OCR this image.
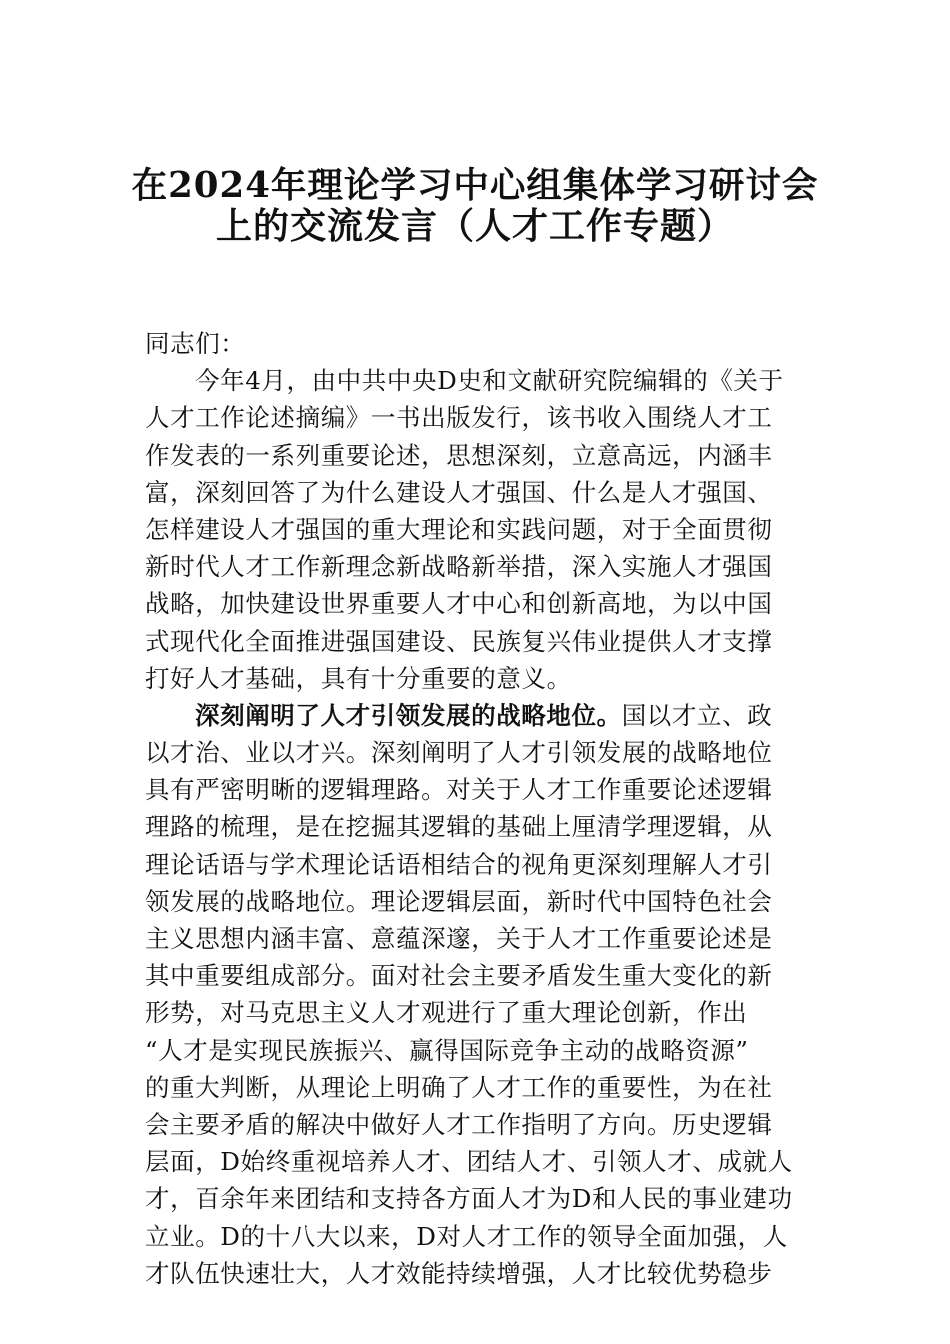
在2024年理论学习中心组集体学习研讨会
上的交流发言（人才工作专题）
同志们：
今年4月，由中共中央D史和文献研究院编辑的《关于
人才工作论述摘编》一书出版发行，该书收入围绕人才工
作发表的一系列重要论述，思想深刻，立意高远，内涵丰
富，深刻回答了为什么建设人才强国、什么是人才强国、
怎样建设人才强国的重大理论和实践问题，对于全面贯彻
新时代人才工作新理念新战略新举措，深入实施人才强国
战略，加快建设世界重要人才中心和创新高地，为以中国
式现代化全面推进强国建设、民族复兴伟业提供人才支撑
打好人才基础，具有十分重要的意义。
深刻阐明了人才引领发展的战略地位。国以才立、政
以才治、业以才兴。深刻阐明了人才引领发展的战略地位
具有严密明晰的逻辑理路。对关于人才工作重要论述逻辑
理路的梳理，是在挖掘其逻辑的基础上厘清学理逻辑，从
理论话语与学术理论话语相结合的视角更深刻理解人才引
领发展的战略地位。理论逻辑层面，新时代中国特色社会
主义思想内涵丰富、意蕴深邃，关于人才工作重要论述是
其中重要组成部分。面对社会主要矛盾发生重大变化的新
形势，对马克思主义人才观进行了重大理论创新，作出
“人才是实现民族振兴、赢得国际竞争主动的战略资源”
的重大判断，从理论上明确了人才工作的重要性，为在社
会主要矛盾的解决中做好人才工作指明了方向。历史逻辑
层面，D始终重视培养人才、团结人才、引领人才、成就人
才，百余年来团结和支持各方面人才为D和人民的事业建功
立业。D的十八大以来，D对人才工作的领导全面加强，人
才队伍快速壮大，人才效能持续增强，人才比较优势稳步
